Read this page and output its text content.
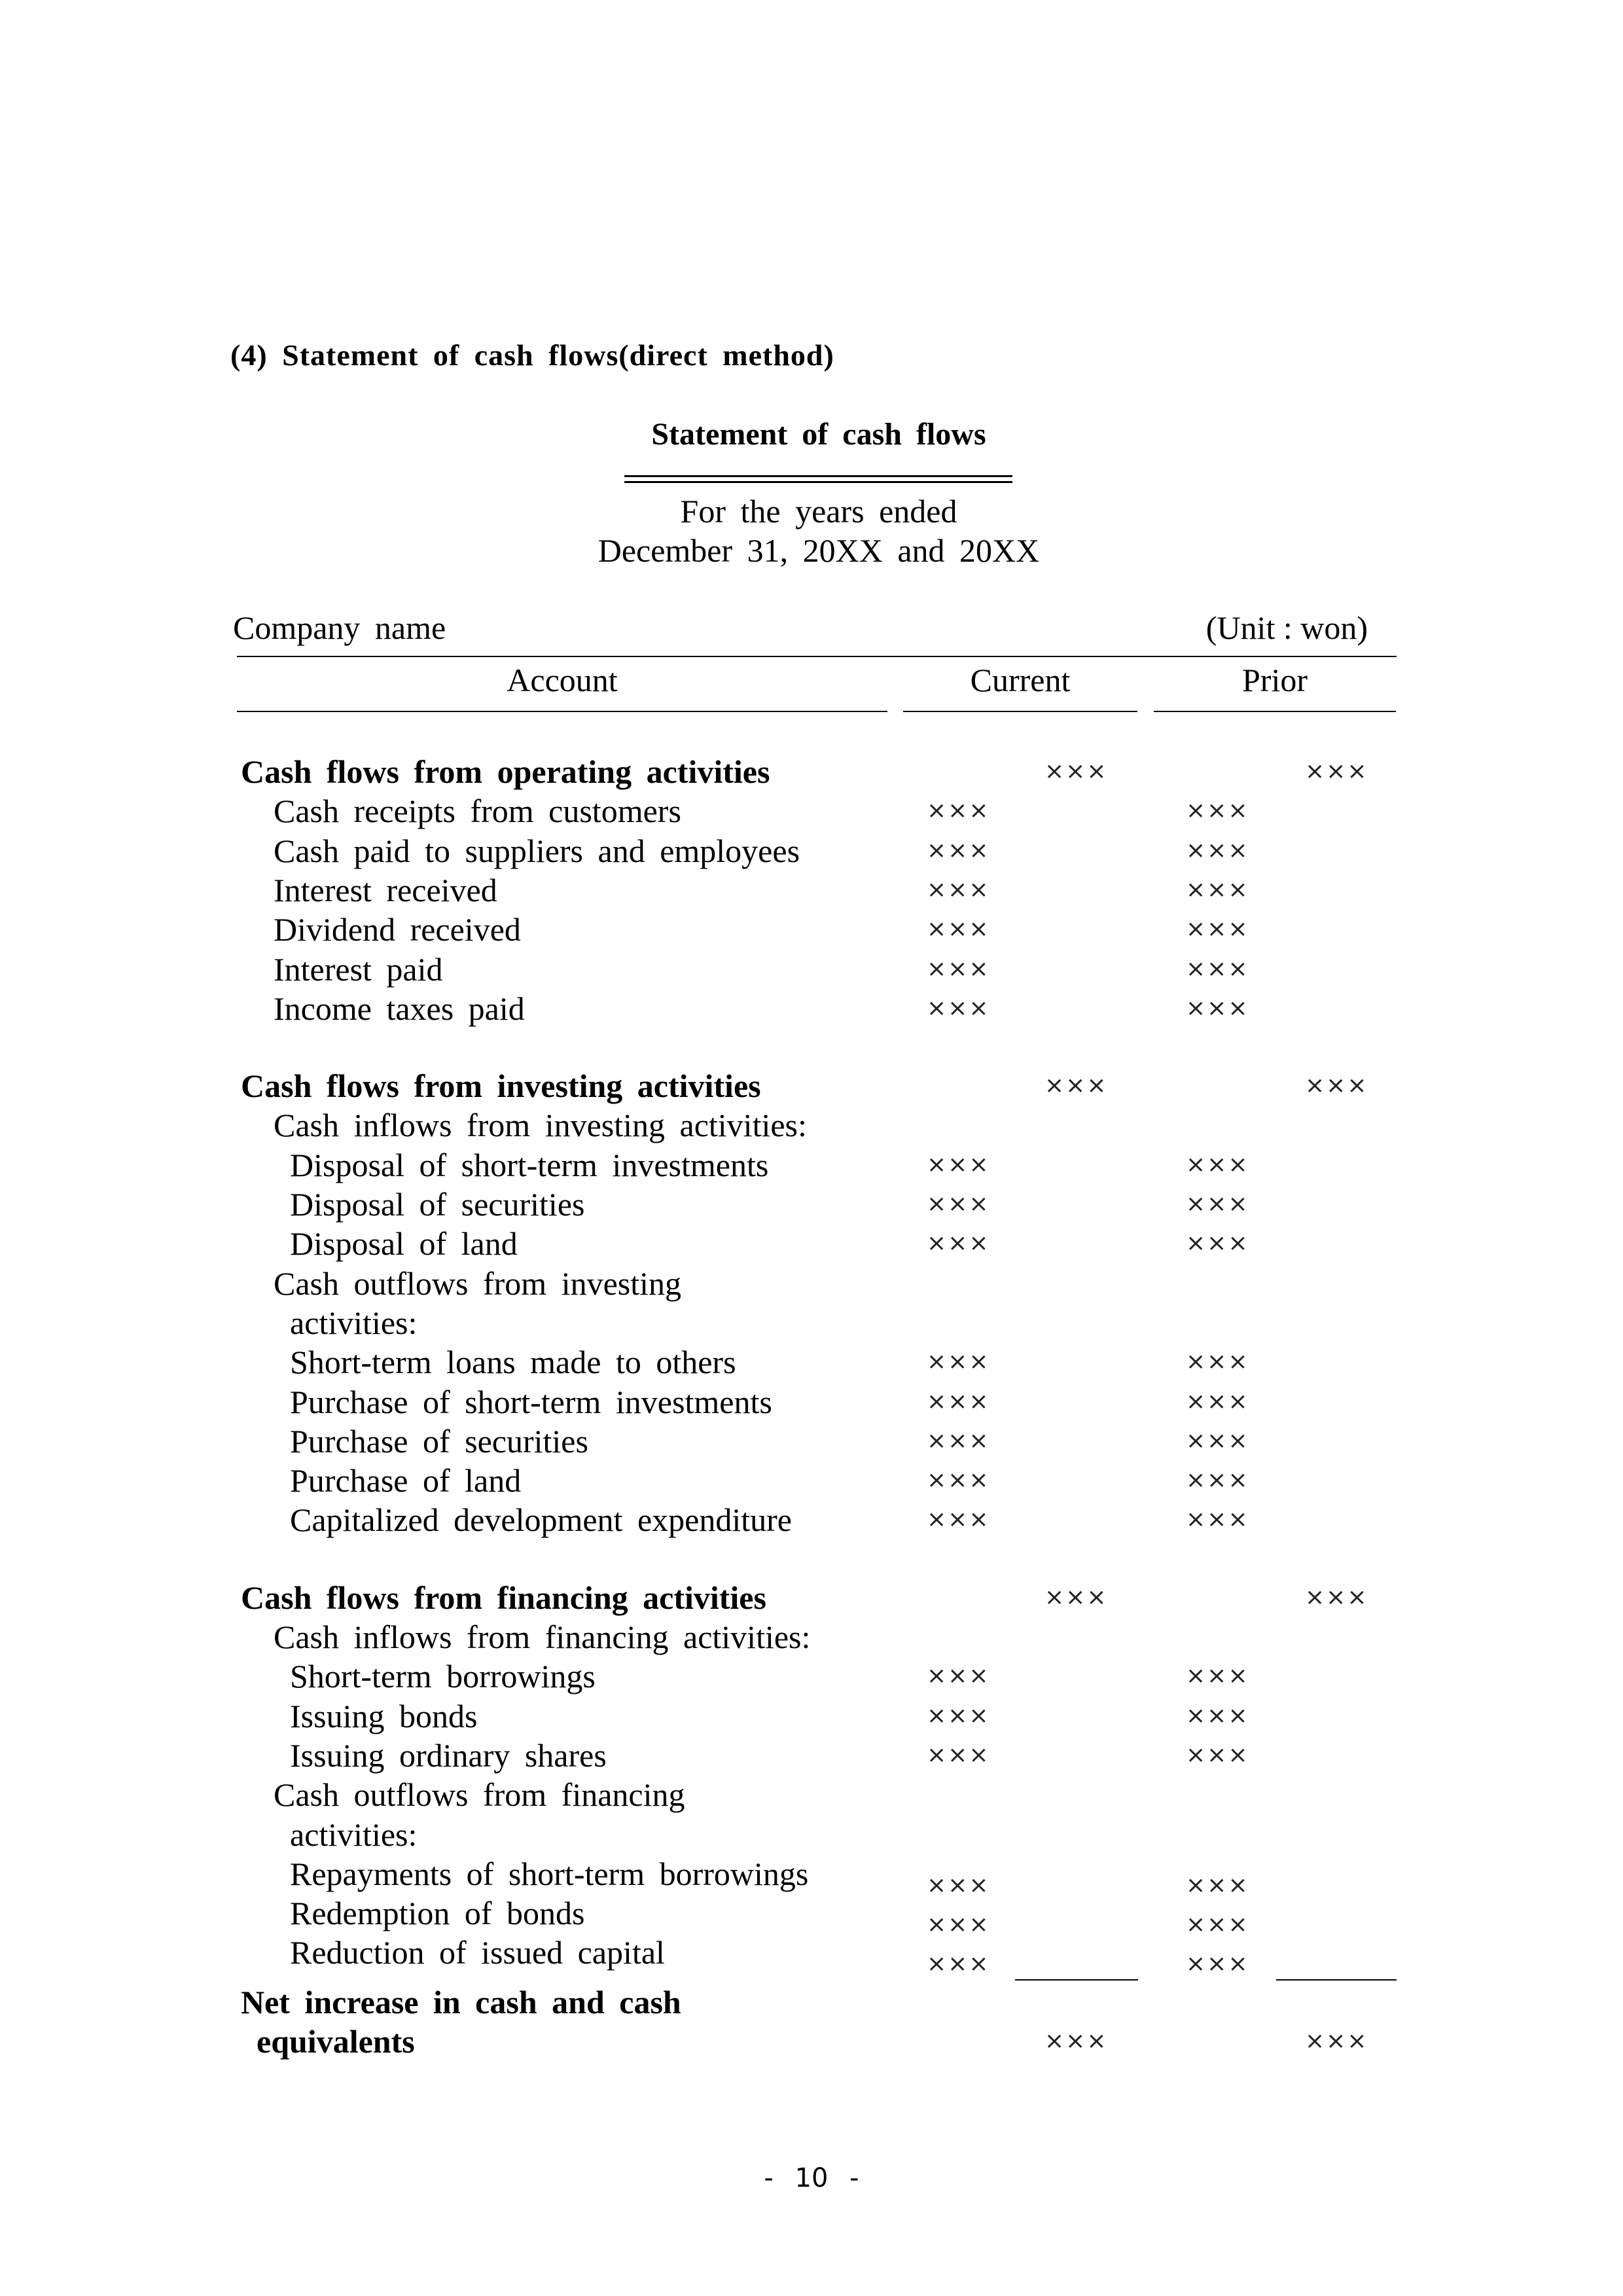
(4) Statement of cash flows(direct method)
Statement of cash flows
For the years ended
December 31, 20XX and 20XX
Company name	(Unit : won)
Account	Current	Prior
Cash flows from operating activities	×××	×××
Cash receipts from customers	×××	×××
Cash paid to suppliers and employees	×××	×××
Interest received	×××	×××
Dividend received	×××	×××
Interest paid	×××	×××
Income taxes paid	×××	×××
Cash flows from investing activities	×××	×××
Cash inflows from investing activities:
Disposal of short-term investments	×××	×××
Disposal of securities	×××	×××
Disposal of land	×××	×××
Cash outflows from investing
activities:
Short-term loans made to others	×××	×××
Purchase of short-term investments	×××	×××
Purchase of securities	×××	×××
Purchase of land	×××	×××
Capitalized development expenditure	×××	×××
Cash flows from financing activities	×××	×××
Cash inflows from financing activities:
Short-term borrowings	×××	×××
Issuing bonds	×××	×××
Issuing ordinary shares	×××	×××
Cash outflows from financing
activities:
Repayments of short-term borrowings	×××	×××
Redemption of bonds	×××	×××
Reduction of issued capital	×××	×××
Net increase in cash and cash
equivalents	×××	×××
- 10 -
